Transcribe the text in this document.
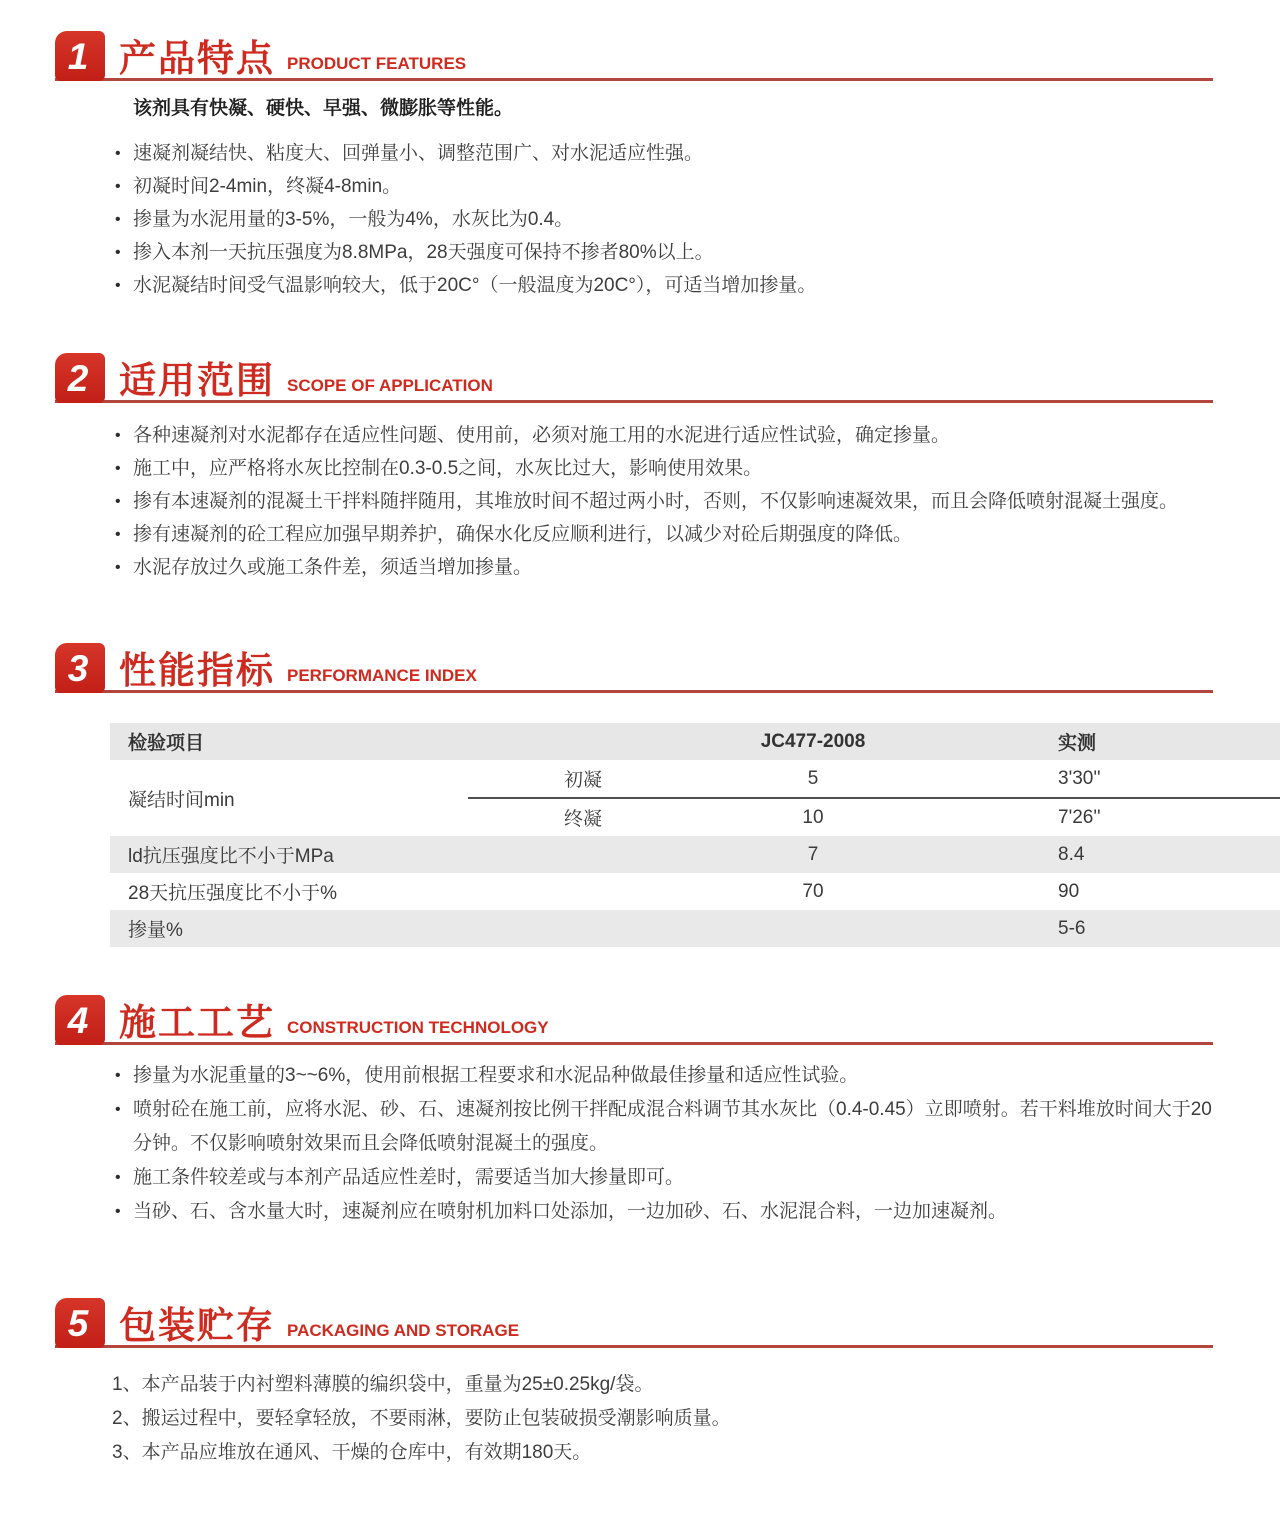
1 产品特点 PRODUCT FEATURES
该剂具有快凝、硬快、早强、微膨胀等性能。
• 速凝剂凝结快、粘度大、回弹量小、调整范围广、对水泥适应性强。
• 初凝时间2-4min，终凝4-8min。
• 掺量为水泥用量的3-5%，一般为4%，水灰比为0.4。
• 掺入本剂一天抗压强度为8.8MPa，28天强度可保持不掺者80%以上。
• 水泥凝结时间受气温影响较大，低于20C°（一般温度为20C°），可适当增加掺量。
2 适用范围 SCOPE OF APPLICATION
• 各种速凝剂对水泥都存在适应性问题、使用前，必须对施工用的水泥进行适应性试验，确定掺量。
• 施工中，应严格将水灰比控制在0.3-0.5之间，水灰比过大，影响使用效果。
• 掺有本速凝剂的混凝土干拌料随拌随用，其堆放时间不超过两小时，否则，不仅影响速凝效果，而且会降低喷射混凝土强度。
• 掺有速凝剂的砼工程应加强早期养护，确保水化反应顺利进行，以减少对砼后期强度的降低。
• 水泥存放过久或施工条件差，须适当增加掺量。
3 性能指标 PERFORMANCE INDEX
检验项目		JC477-2008	实测
凝结时间min	初凝	5	3'30''
	终凝	10	7'26''
ld抗压强度比不小于MPa		7	8.4
28天抗压强度比不小于%		70	90
掺量%			5-6
4 施工工艺 CONSTRUCTION TECHNOLOGY
• 掺量为水泥重量的3~~6%，使用前根据工程要求和水泥品种做最佳掺量和适应性试验。
• 喷射砼在施工前，应将水泥、砂、石、速凝剂按比例干拌配成混合料调节其水灰比（0.4-0.45）立即喷射。若干料堆放时间大于20分钟。不仅影响喷射效果而且会降低喷射混凝土的强度。
• 施工条件较差或与本剂产品适应性差时，需要适当加大掺量即可。
• 当砂、石、含水量大时，速凝剂应在喷射机加料口处添加，一边加砂、石、水泥混合料，一边加速凝剂。
5 包装贮存 PACKAGING AND STORAGE
1、本产品装于内衬塑料薄膜的编织袋中，重量为25±0.25kg/袋。
2、搬运过程中，要轻拿轻放，不要雨淋，要防止包装破损受潮影响质量。
3、本产品应堆放在通风、干燥的仓库中，有效期180天。
